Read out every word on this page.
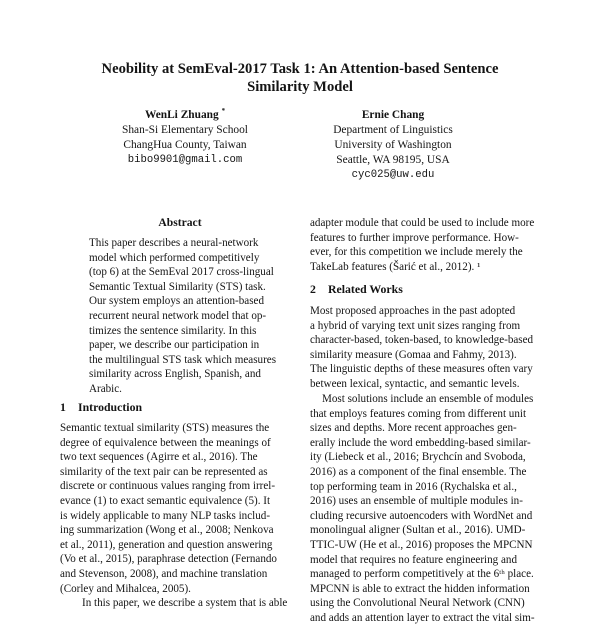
Neobility at SemEval-2017 Task 1: An Attention-based Sentence
Similarity Model
WenLi Zhuang *
Shan-Si Elementary School
ChangHua County, Taiwan
bibo9901@gmail.com
Ernie Chang
Department of Linguistics
University of Washington
Seattle, WA 98195, USA
cyc025@uw.edu
Abstract
This paper describes a neural-network
model which performed competitively
(top 6) at the SemEval 2017 cross-lingual
Semantic Textual Similarity (STS) task.
Our system employs an attention-based
recurrent neural network model that op-
timizes the sentence similarity. In this
paper, we describe our participation in
the multilingual STS task which measures
similarity across English, Spanish, and
Arabic.
1 Introduction
Semantic textual similarity (STS) measures the
degree of equivalence between the meanings of
two text sequences (Agirre et al., 2016). The
similarity of the text pair can be represented as
discrete or continuous values ranging from irrel-
evance (1) to exact semantic equivalence (5). It
is widely applicable to many NLP tasks includ-
ing summarization (Wong et al., 2008; Nenkova
et al., 2011), generation and question answering
(Vo et al., 2015), paraphrase detection (Fernando
and Stevenson, 2008), and machine translation
(Corley and Mihalcea, 2005).
In this paper, we describe a system that is able
adapter module that could be used to include more
features to further improve performance. How-
ever, for this competition we include merely the
TakeLab features (Šarić et al., 2012). ¹
2 Related Works
Most proposed approaches in the past adopted
a hybrid of varying text unit sizes ranging from
character-based, token-based, to knowledge-based
similarity measure (Gomaa and Fahmy, 2013).
The linguistic depths of these measures often vary
between lexical, syntactic, and semantic levels.
Most solutions include an ensemble of modules
that employs features coming from different unit
sizes and depths. More recent approaches gen-
erally include the word embedding-based similar-
ity (Liebeck et al., 2016; Brychcín and Svoboda,
2016) as a component of the final ensemble. The
top performing team in 2016 (Rychalska et al.,
2016) uses an ensemble of multiple modules in-
cluding recursive autoencoders with WordNet and
monolingual aligner (Sultan et al., 2016). UMD-
TTIC-UW (He et al., 2016) proposes the MPCNN
model that requires no feature engineering and
managed to perform competitively at the 6ᵗʰ place.
MPCNN is able to extract the hidden information
using the Convolutional Neural Network (CNN)
and adds an attention layer to extract the vital sim-
